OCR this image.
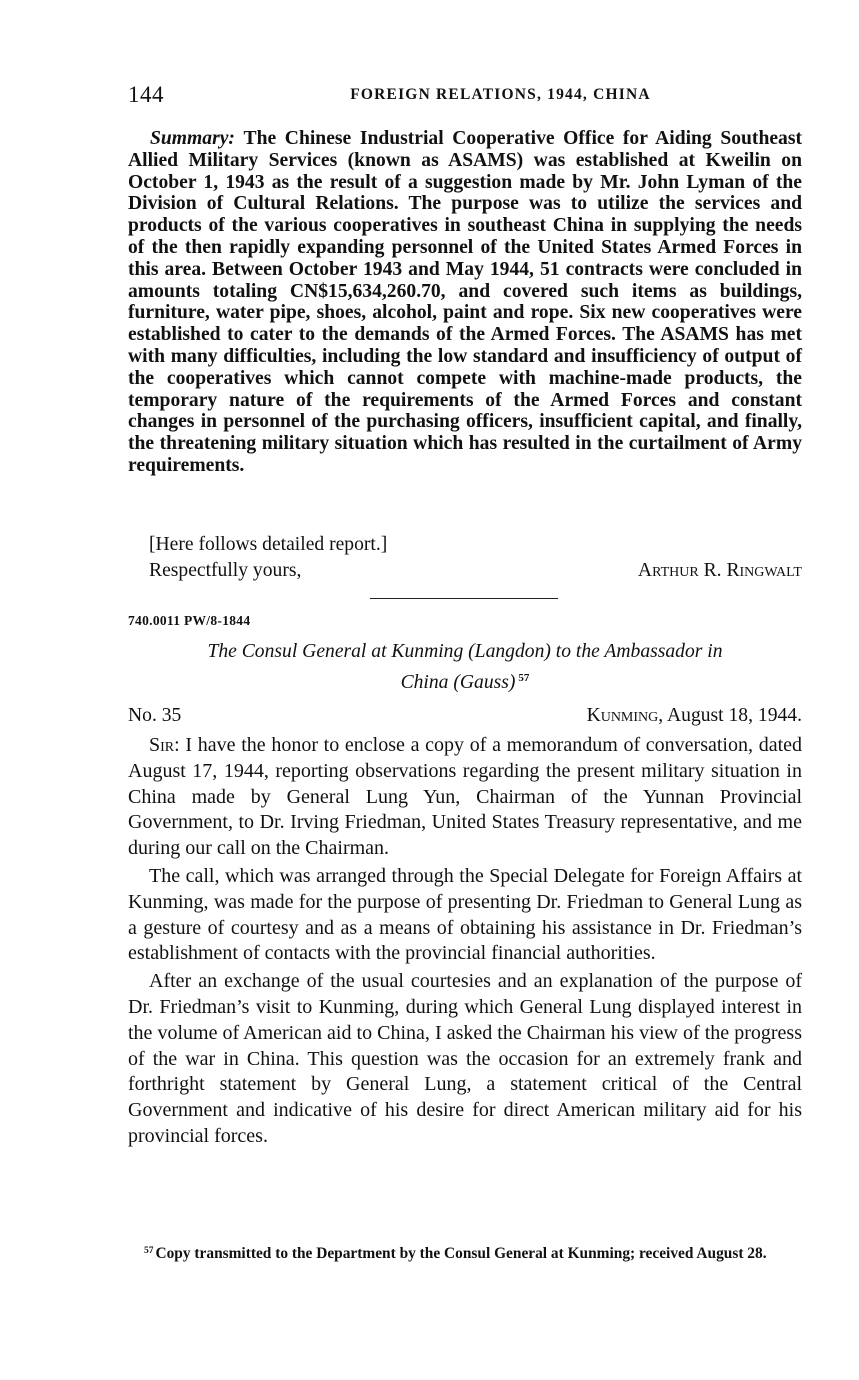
144	FOREIGN RELATIONS, 1944, CHINA

Summary: The Chinese Industrial Cooperative Office for Aiding Southeast Allied Military Services (known as ASAMS) was established at Kweilin on October 1, 1943 as the result of a suggestion made by Mr. John Lyman of the Division of Cultural Relations. The purpose was to utilize the services and products of the various cooperatives in southeast China in supplying the needs of the then rapidly expanding personnel of the United States Armed Forces in this area. Between October 1943 and May 1944, 51 contracts were concluded in amounts totaling CN$15,634,260.70, and covered such items as buildings, furniture, water pipe, shoes, alcohol, paint and rope. Six new cooperatives were established to cater to the demands of the Armed Forces. The ASAMS has met with many difficulties, including the low standard and insufficiency of output of the cooperatives which cannot compete with machine-made products, the temporary nature of the requirements of the Armed Forces and constant changes in personnel of the purchasing officers, insufficient capital, and finally, the threatening military situation which has resulted in the curtailment of Army requirements.

[Here follows detailed report.]
Respectfully yours,	Arthur R. Ringwalt
740.0011 PW/8-1844
The Consul General at Kunming (Langdon) to the Ambassador in
China (Gauss) $^{57}$
No. 35	Kunming, August 18, 1944.

Sir: I have the honor to enclose a copy of a memorandum of conversation, dated August 17, 1944, reporting observations regarding the present military situation in China made by General Lung Yun, Chairman of the Yunnan Provincial Government, to Dr. Irving Friedman, United States Treasury representative, and me during our call on the Chairman.

The call, which was arranged through the Special Delegate for Foreign Affairs at Kunming, was made for the purpose of presenting Dr. Friedman to General Lung as a gesture of courtesy and as a means of obtaining his assistance in Dr. Friedman’s establishment of contacts with the provincial financial authorities.

After an exchange of the usual courtesies and an explanation of the purpose of Dr. Friedman’s visit to Kunming, during which General Lung displayed interest in the volume of American aid to China, I asked the Chairman his view of the progress of the war in China. This question was the occasion for an extremely frank and forthright statement by General Lung, a statement critical of the Central Government and indicative of his desire for direct American military aid for his provincial forces.

$^{57}$ Copy transmitted to the Department by the Consul General at Kunming; received August 28.
